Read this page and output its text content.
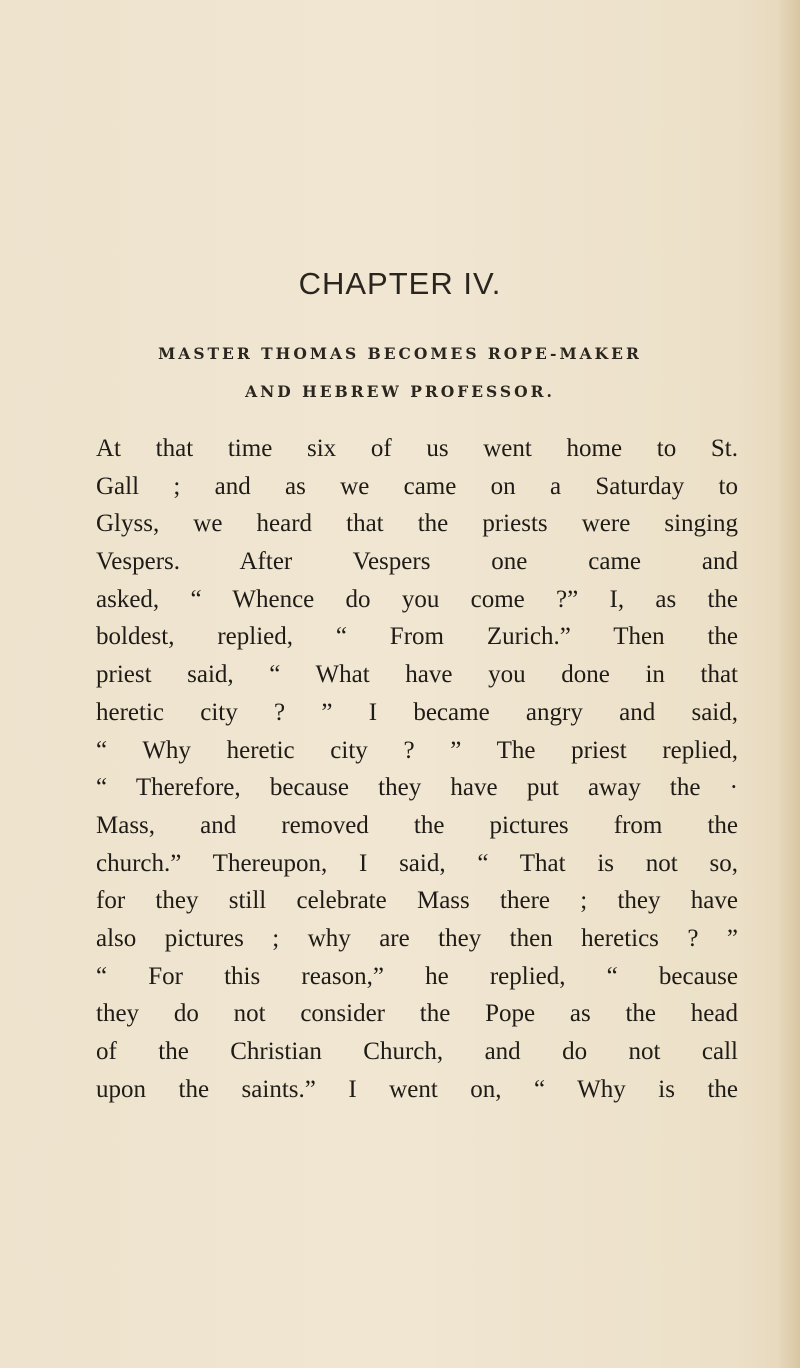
CHAPTER IV.
MASTER THOMAS BECOMES ROPE-MAKER
AND HEBREW PROFESSOR.
At that time six of us went home to St.
Gall ; and as we came on a Saturday to
Glyss, we heard that the priests were singing
Vespers. After Vespers one came and
asked, “ Whence do you come ?” I, as the
boldest, replied, “ From Zurich.” Then the
priest said, “ What have you done in that
heretic city ? ” I became angry and said,
“ Why heretic city ? ” The priest replied,
“ Therefore, because they have put away the ·
Mass, and removed the pictures from the
church.” Thereupon, I said, “ That is not so,
for they still celebrate Mass there ; they have
also pictures ; why are they then heretics ? ”
“ For this reason,” he replied, “ because
they do not consider the Pope as the head
of the Christian Church, and do not call
upon the saints.” I went on, “ Why is the
